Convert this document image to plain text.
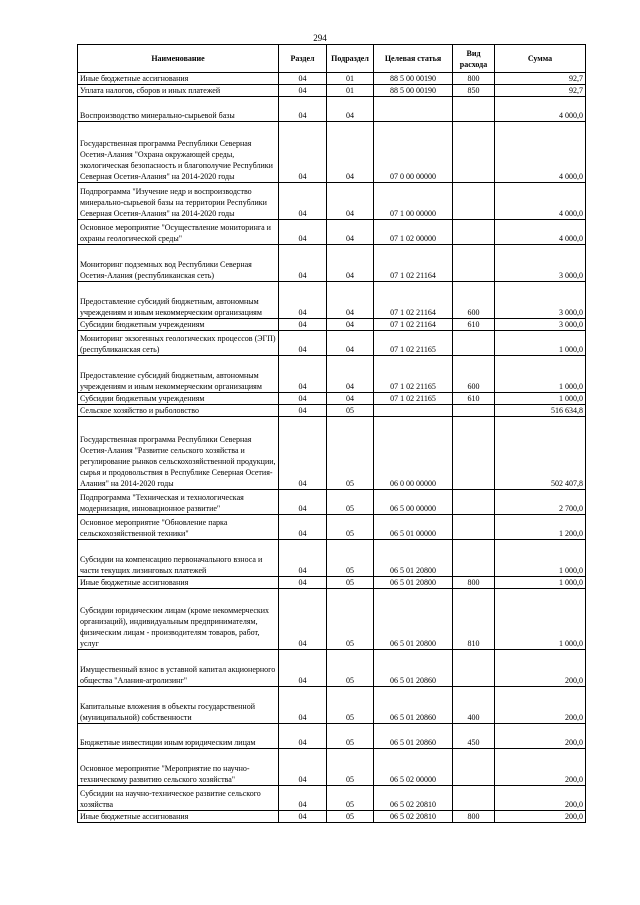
294
Наименование	Раздел	Подраздел	Целевая статья	Вид расхода	Сумма
Иные бюджетные ассигнования	04	01	88 5 00 00190	800	92,7
Уплата налогов, сборов и иных платежей	04	01	88 5 00 00190	850	92,7
Воспроизводство минерально-сырьевой базы	04	04			4 000,0
Государственная программа Республики Северная Осетия-Алания "Охрана окружающей среды, экологическая безопасность и благополучие Республики Северная Осетия-Алания" на 2014-2020 годы	04	04	07 0 00 00000		4 000,0
Подпрограмма "Изучение недр и воспроизводство минерально-сырьевой базы на территории Республики Северная Осетия-Алания" на 2014-2020 годы	04	04	07 1 00 00000		4 000,0
Основное мероприятие "Осуществление мониторинга и охраны геологической среды"	04	04	07 1 02 00000		4 000,0
Мониторинг подземных вод Республики Северная Осетия-Алания (республиканская сеть)	04	04	07 1 02 21164		3 000,0
Предоставление субсидий бюджетным, автономным учреждениям и иным некоммерческим организациям	04	04	07 1 02 21164	600	3 000,0
Субсидии бюджетным учреждениям	04	04	07 1 02 21164	610	3 000,0
Мониторинг экзогенных геологических процессов (ЭГП) (республиканская сеть)	04	04	07 1 02 21165		1 000,0
Предоставление субсидий бюджетным, автономным учреждениям и иным некоммерческим организациям	04	04	07 1 02 21165	600	1 000,0
Субсидии бюджетным учреждениям	04	04	07 1 02 21165	610	1 000,0
Сельское хозяйство и рыболовство	04	05			516 634,8
Государственная программа Республики Северная Осетия-Алания "Развитие сельского хозяйства и регулирование рынков сельскохозяйственной продукции, сырья и продовольствия в Республике Северная Осетия-Алания" на 2014-2020 годы	04	05	06 0 00 00000		502 407,8
Подпрограмма "Техническая и технологическая модернизация, инновационное развитие"	04	05	06 5 00 00000		2 700,0
Основное мероприятие "Обновление парка сельскохозяйственной техники"	04	05	06 5 01 00000		1 200,0
Субсидии на компенсацию первоначального взноса и части текущих лизинговых платежей	04	05	06 5 01 20800		1 000,0
Иные бюджетные ассигнования	04	05	06 5 01 20800	800	1 000,0
Субсидии юридическим лицам (кроме некоммерческих организаций), индивидуальным предпринимателям, физическим лицам - производителям товаров, работ, услуг	04	05	06 5 01 20800	810	1 000,0
Имущественный взнос в уставной капитал акционерного общества "Алания-агролизинг"	04	05	06 5 01 20860		200,0
Капитальные вложения в объекты государственной (муниципальной) собственности	04	05	06 5 01 20860	400	200,0
Бюджетные инвестиции иным юридическим лицам	04	05	06 5 01 20860	450	200,0
Основное мероприятие "Мероприятие по научно-техническому развитию сельского хозяйства"	04	05	06 5 02 00000		200,0
Субсидии на научно-техническое развитие сельского хозяйства	04	05	06 5 02 20810		200,0
Иные бюджетные ассигнования	04	05	06 5 02 20810	800	200,0
